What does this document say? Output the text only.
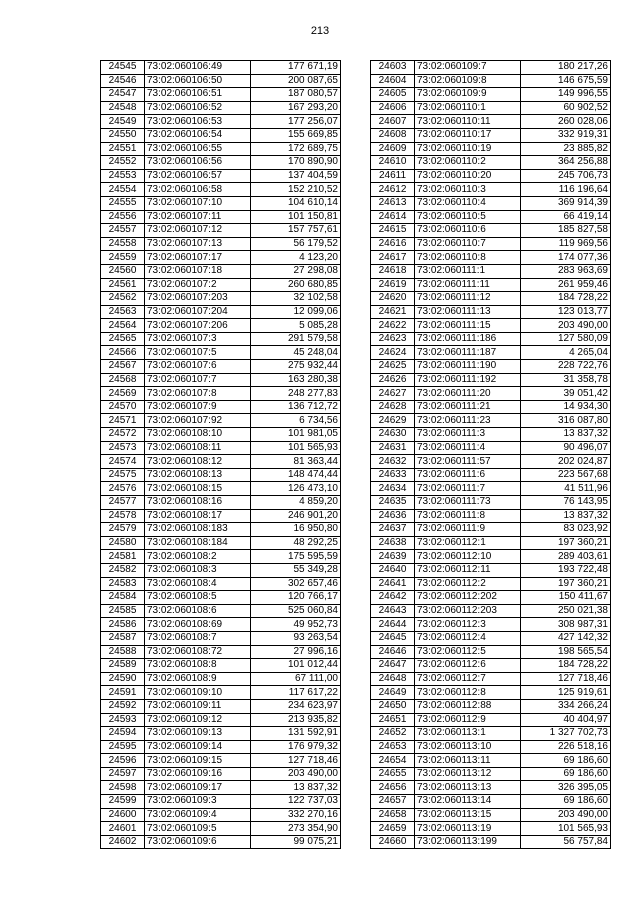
213
24545	73:02:060106:49	177 671,19
24546	73:02:060106:50	200 087,65
24547	73:02:060106:51	187 080,57
24548	73:02:060106:52	167 293,20
24549	73:02:060106:53	177 256,07
24550	73:02:060106:54	155 669,85
24551	73:02:060106:55	172 689,75
24552	73:02:060106:56	170 890,90
24553	73:02:060106:57	137 404,59
24554	73:02:060106:58	152 210,52
24555	73:02:060107:10	104 610,14
24556	73:02:060107:11	101 150,81
24557	73:02:060107:12	157 757,61
24558	73:02:060107:13	56 179,52
24559	73:02:060107:17	4 123,20
24560	73:02:060107:18	27 298,08
24561	73:02:060107:2	260 680,85
24562	73:02:060107:203	32 102,58
24563	73:02:060107:204	12 099,06
24564	73:02:060107:206	5 085,28
24565	73:02:060107:3	291 579,58
24566	73:02:060107:5	45 248,04
24567	73:02:060107:6	275 932,44
24568	73:02:060107:7	163 280,38
24569	73:02:060107:8	248 277,83
24570	73:02:060107:9	136 712,72
24571	73:02:060107:92	6 734,56
24572	73:02:060108:10	101 981,05
24573	73:02:060108:11	101 565,93
24574	73:02:060108:12	81 363,44
24575	73:02:060108:13	148 474,44
24576	73:02:060108:15	126 473,10
24577	73:02:060108:16	4 859,20
24578	73:02:060108:17	246 901,20
24579	73:02:060108:183	16 950,80
24580	73:02:060108:184	48 292,25
24581	73:02:060108:2	175 595,59
24582	73:02:060108:3	55 349,28
24583	73:02:060108:4	302 657,46
24584	73:02:060108:5	120 766,17
24585	73:02:060108:6	525 060,84
24586	73:02:060108:69	49 952,73
24587	73:02:060108:7	93 263,54
24588	73:02:060108:72	27 996,16
24589	73:02:060108:8	101 012,44
24590	73:02:060108:9	67 111,00
24591	73:02:060109:10	117 617,22
24592	73:02:060109:11	234 623,97
24593	73:02:060109:12	213 935,82
24594	73:02:060109:13	131 592,91
24595	73:02:060109:14	176 979,32
24596	73:02:060109:15	127 718,46
24597	73:02:060109:16	203 490,00
24598	73:02:060109:17	13 837,32
24599	73:02:060109:3	122 737,03
24600	73:02:060109:4	332 270,16
24601	73:02:060109:5	273 354,90
24602	73:02:060109:6	99 075,21
24603	73:02:060109:7	180 217,26
24604	73:02:060109:8	146 675,59
24605	73:02:060109:9	149 996,55
24606	73:02:060110:1	60 902,52
24607	73:02:060110:11	260 028,06
24608	73:02:060110:17	332 919,31
24609	73:02:060110:19	23 885,82
24610	73:02:060110:2	364 256,88
24611	73:02:060110:20	245 706,73
24612	73:02:060110:3	116 196,64
24613	73:02:060110:4	369 914,39
24614	73:02:060110:5	66 419,14
24615	73:02:060110:6	185 827,58
24616	73:02:060110:7	119 969,56
24617	73:02:060110:8	174 077,36
24618	73:02:060111:1	283 963,69
24619	73:02:060111:11	261 959,46
24620	73:02:060111:12	184 728,22
24621	73:02:060111:13	123 013,77
24622	73:02:060111:15	203 490,00
24623	73:02:060111:186	127 580,09
24624	73:02:060111:187	4 265,04
24625	73:02:060111:190	228 722,76
24626	73:02:060111:192	31 358,78
24627	73:02:060111:20	39 051,42
24628	73:02:060111:21	14 934,30
24629	73:02:060111:23	316 087,80
24630	73:02:060111:3	13 837,32
24631	73:02:060111:4	90 496,07
24632	73:02:060111:57	202 024,87
24633	73:02:060111:6	223 567,68
24634	73:02:060111:7	41 511,96
24635	73:02:060111:73	76 143,95
24636	73:02:060111:8	13 837,32
24637	73:02:060111:9	83 023,92
24638	73:02:060112:1	197 360,21
24639	73:02:060112:10	289 403,61
24640	73:02:060112:11	193 722,48
24641	73:02:060112:2	197 360,21
24642	73:02:060112:202	150 411,67
24643	73:02:060112:203	250 021,38
24644	73:02:060112:3	308 987,31
24645	73:02:060112:4	427 142,32
24646	73:02:060112:5	198 565,54
24647	73:02:060112:6	184 728,22
24648	73:02:060112:7	127 718,46
24649	73:02:060112:8	125 919,61
24650	73:02:060112:88	334 266,24
24651	73:02:060112:9	40 404,97
24652	73:02:060113:1	1 327 702,73
24653	73:02:060113:10	226 518,16
24654	73:02:060113:11	69 186,60
24655	73:02:060113:12	69 186,60
24656	73:02:060113:13	326 395,05
24657	73:02:060113:14	69 186,60
24658	73:02:060113:15	203 490,00
24659	73:02:060113:19	101 565,93
24660	73:02:060113:199	56 757,84
